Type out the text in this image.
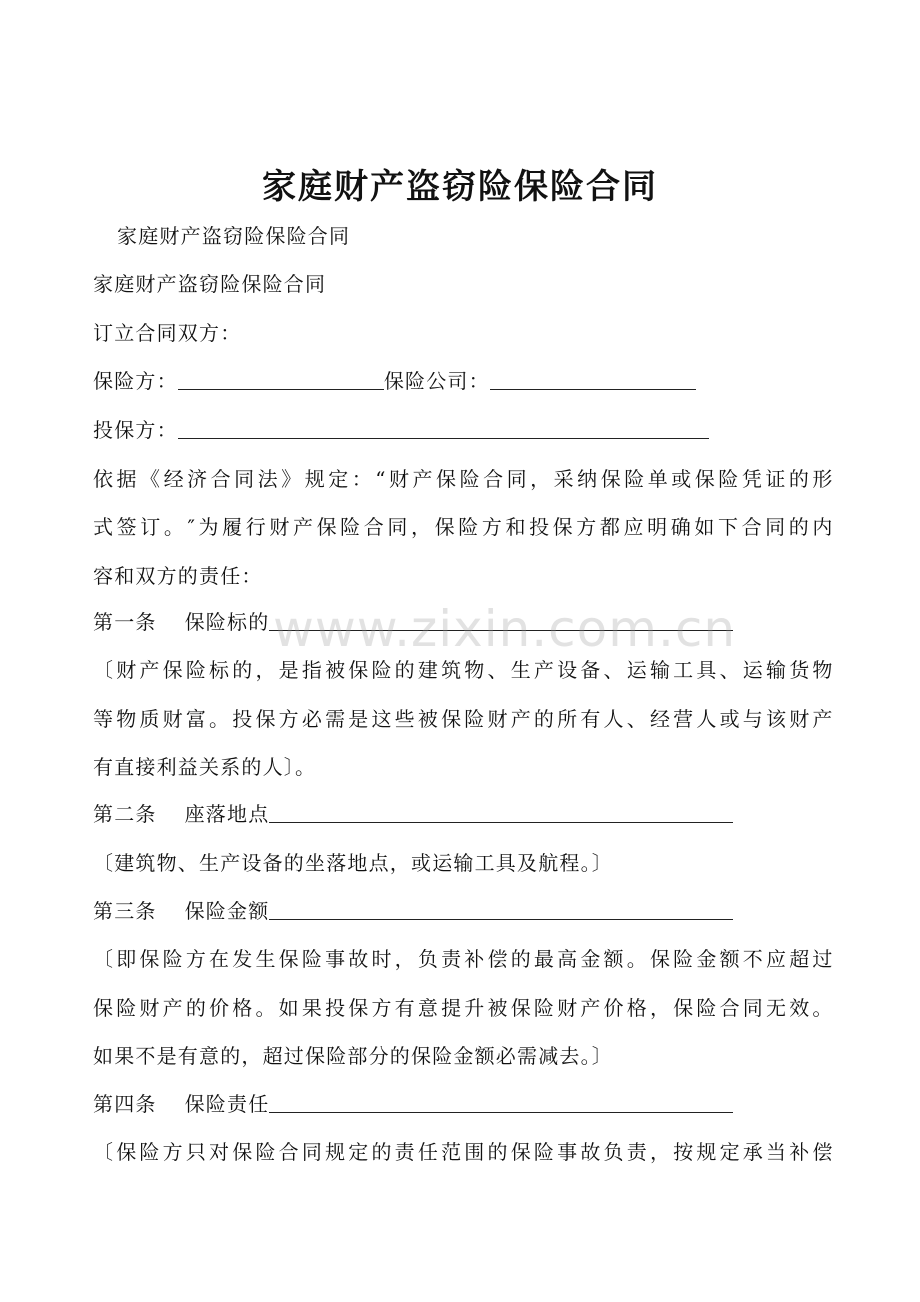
家庭财产盗窃险保险合同
家庭财产盗窃险保险合同
家庭财产盗窃险保险合同
订立合同双方：
保险方：	保险公司：
投保方：
依据《经济合同法》规定：“财产保险合同，采纳保险单或保险凭证的形
式签订。″为履行财产保险合同，保险方和投保方都应明确如下合同的内
容和双方的责任：
第一条 保险标的
〔财产保险标的，是指被保险的建筑物、生产设备、运输工具、运输货物
等物质财富。投保方必需是这些被保险财产的所有人、经营人或与该财产
有直接利益关系的人〕。
第二条 座落地点
〔建筑物、生产设备的坐落地点，或运输工具及航程。〕
第三条 保险金额
〔即保险方在发生保险事故时，负责补偿的最高金额。保险金额不应超过
保险财产的价格。如果投保方有意提升被保险财产价格，保险合同无效。
如果不是有意的，超过保险部分的保险金额必需减去。〕
第四条 保险责任
〔保险方只对保险合同规定的责任范围的保险事故负责，按规定承当补偿
www.zixin.com.cn
